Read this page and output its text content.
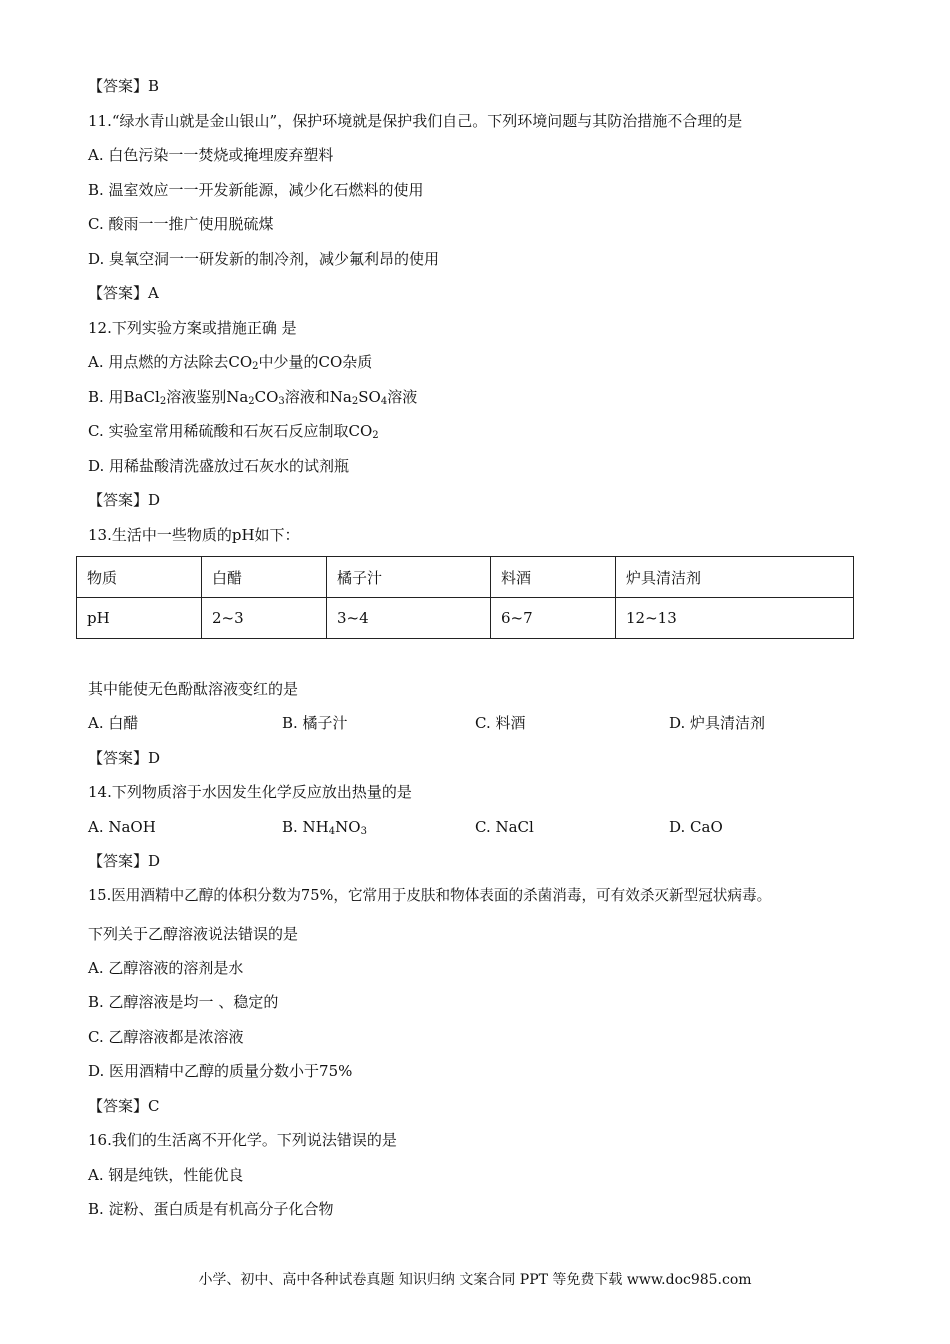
【答案】B
11.“绿水青山就是金山银山”，保护环境就是保护我们自己。下列环境问题与其防治措施不合理的是
A. 白色污染一一焚烧或掩埋废弃塑料
B. 温室效应一一开发新能源，减少化石燃料的使用
C. 酸雨一一推广使用脱硫煤
D. 臭氧空洞一一研发新的制冷剂，减少氟利昂的使用
【答案】A
12.下列实验方案或措施正确 是
A. 用点燃的方法除去$CO_2$中少量的CO杂质
B. 用BaCl$_2$溶液鉴别$Na_2CO_3$溶液和$Na_2SO_4$溶液
C. 实验室常用稀硫酸和石灰石反应制取$CO_2$
D. 用稀盐酸清洗盛放过石灰水的试剂瓶
【答案】D
13.生活中一些物质的pH如下：
物质	白醋	橘子汁	料酒	炉具清洁剂
pH	2~3	3~4	6~7	12~13
其中能使无色酚酞溶液变红的是
A. 白醋	B. 橘子汁	C. 料酒	D. 炉具清洁剂
【答案】D
14.下列物质溶于水因发生化学反应放出热量的是
A. NaOH	B. $NH_4NO_3$	C. NaCl	D. CaO
【答案】D
15.医用酒精中乙醇的体积分数为75%，它常用于皮肤和物体表面的杀菌消毒，可有效杀灭新型冠状病毒。
下列关于乙醇溶液说法错误的是
A. 乙醇溶液的溶剂是水
B. 乙醇溶液是均一 、稳定的
C. 乙醇溶液都是浓溶液
D. 医用酒精中乙醇的质量分数小于75%
【答案】C
16.我们的生活离不开化学。下列说法错误的是
A. 钢是纯铁，性能优良
B. 淀粉、蛋白质是有机高分子化合物
小学、初中、高中各种试卷真题 知识归纳 文案合同 PPT 等免费下载 www.doc985.com
